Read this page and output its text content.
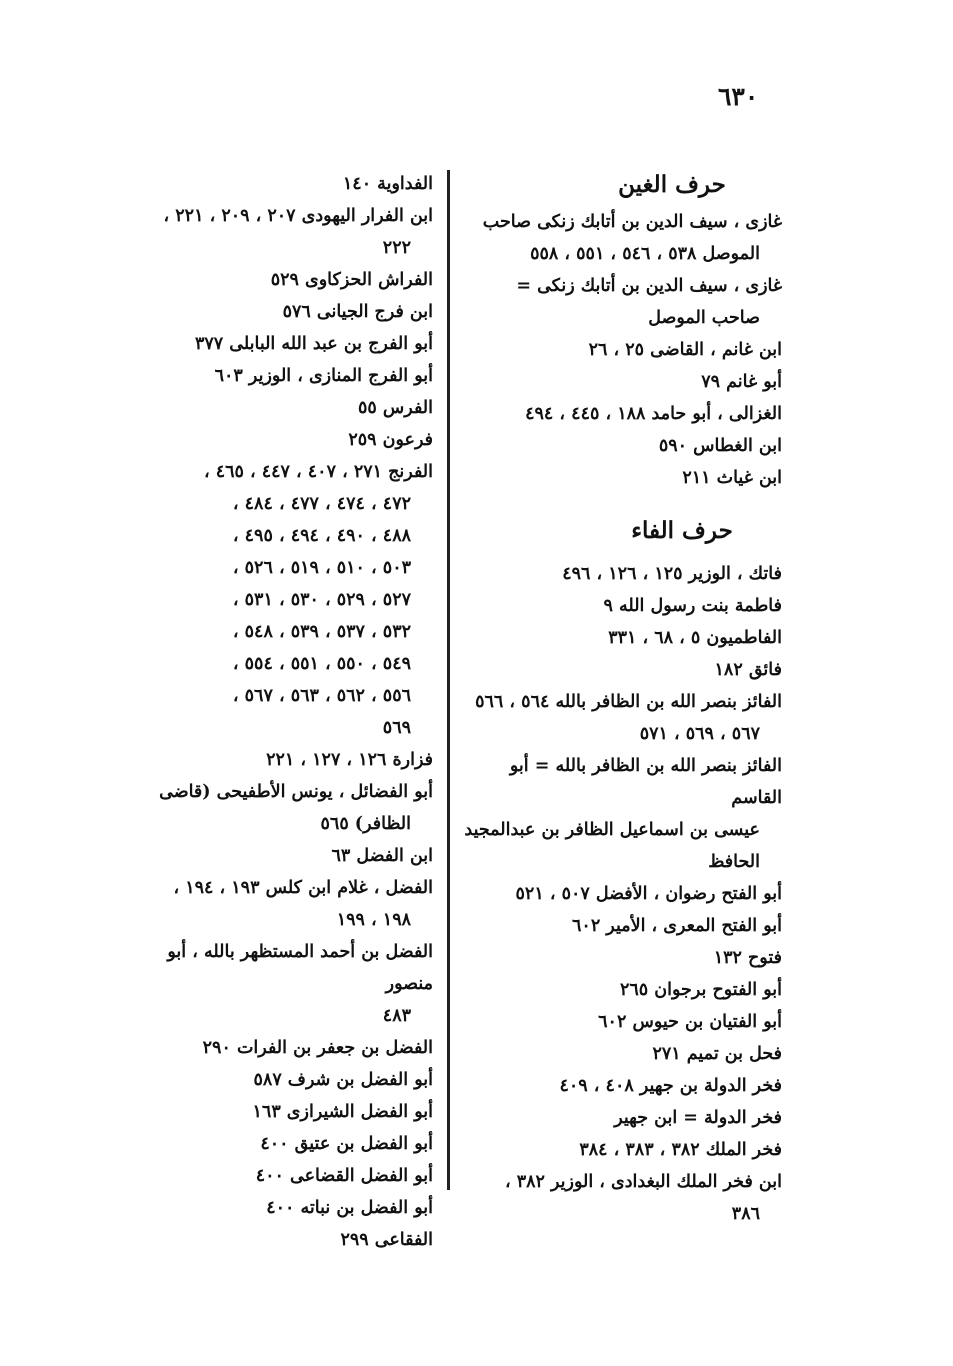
٦٣٠
حرف الغين
غازى ، سيف الدين بن أتابك زنكى صاحب
الموصل ٥٣٨ ، ٥٤٦ ، ٥٥١ ، ٥٥٨
غازى ، سيف الدين بن أتابك زنكى =
صاحب الموصل
ابن غانم ، القاضى ٢٥ ، ٢٦
أبو غانم ٧٩
الغزالى ، أبو حامد ١٨٨ ، ٤٤٥ ، ٤٩٤
ابن الغطاس ٥٩٠
ابن غياث ٢١١
حرف الفاء
فاتك ، الوزير ١٢٥ ، ١٢٦ ، ٤٩٦
فاطمة بنت رسول الله ٩
الفاطميون ٥ ، ٦٨ ، ٣٣١
فائق ١٨٢
الفائز بنصر الله بن الظافر بالله ٥٦٤ ، ٥٦٦
٥٦٧ ، ٥٦٩ ، ٥٧١
الفائز بنصر الله بن الظافر بالله = أبو القاسم
عيسى بن اسماعيل الظافر بن عبدالمجيد
الحافظ
أبو الفتح رضوان ، الأفضل ٥٠٧ ، ٥٢١
أبو الفتح المعرى ، الأمير ٦٠٢
فتوح ١٣٢
أبو الفتوح برجوان ٢٦٥
أبو الفتيان بن حيوس ٦٠٢
فحل بن تميم ٢٧١
فخر الدولة بن جهير ٤٠٨ ، ٤٠٩
فخر الدولة = ابن جهير
فخر الملك ٣٨٢ ، ٣٨٣ ، ٣٨٤
ابن فخر الملك البغدادى ، الوزير ٣٨٢ ،
٣٨٦
الفداوية ١٤٠
ابن الفرار اليهودى ٢٠٧ ، ٢٠٩ ، ٢٢١ ،
٢٢٢
الفراش الحزكاوى ٥٢٩
ابن فرج الجيانى ٥٧٦
أبو الفرج بن عبد الله البابلى ٣٧٧
أبو الفرج المنازى ، الوزير ٦٠٣
الفرس ٥٥
فرعون ٢٥٩
الفرنج ٢٧١ ، ٤٠٧ ، ٤٤٧ ، ٤٦٥ ،
٤٧٢ ، ٤٧٤ ، ٤٧٧ ، ٤٨٤ ،
٤٨٨ ، ٤٩٠ ، ٤٩٤ ، ٤٩٥ ،
٥٠٣ ، ٥١٠ ، ٥١٩ ، ٥٢٦ ،
٥٢٧ ، ٥٢٩ ، ٥٣٠ ، ٥٣١ ،
٥٣٢ ، ٥٣٧ ، ٥٣٩ ، ٥٤٨ ،
٥٤٩ ، ٥٥٠ ، ٥٥١ ، ٥٥٤ ،
٥٥٦ ، ٥٦٢ ، ٥٦٣ ، ٥٦٧ ،
٥٦٩
فزارة ١٢٦ ، ١٢٧ ، ٢٢١
أبو الفضائل ، يونس الأطفيحى (قاضى
الظافر) ٥٦٥
ابن الفضل ٦٣
الفضل ، غلام ابن كلس ١٩٣ ، ١٩٤ ،
١٩٨ ، ١٩٩
الفضل بن أحمد المستظهر بالله ، أبو منصور
٤٨٣
الفضل بن جعفر بن الفرات ٢٩٠
أبو الفضل بن شرف ٥٨٧
أبو الفضل الشيرازى ١٦٣
أبو الفضل بن عتيق ٤٠٠
أبو الفضل القضاعى ٤٠٠
أبو الفضل بن نباته ٤٠٠
الفقاعى ٢٩٩
